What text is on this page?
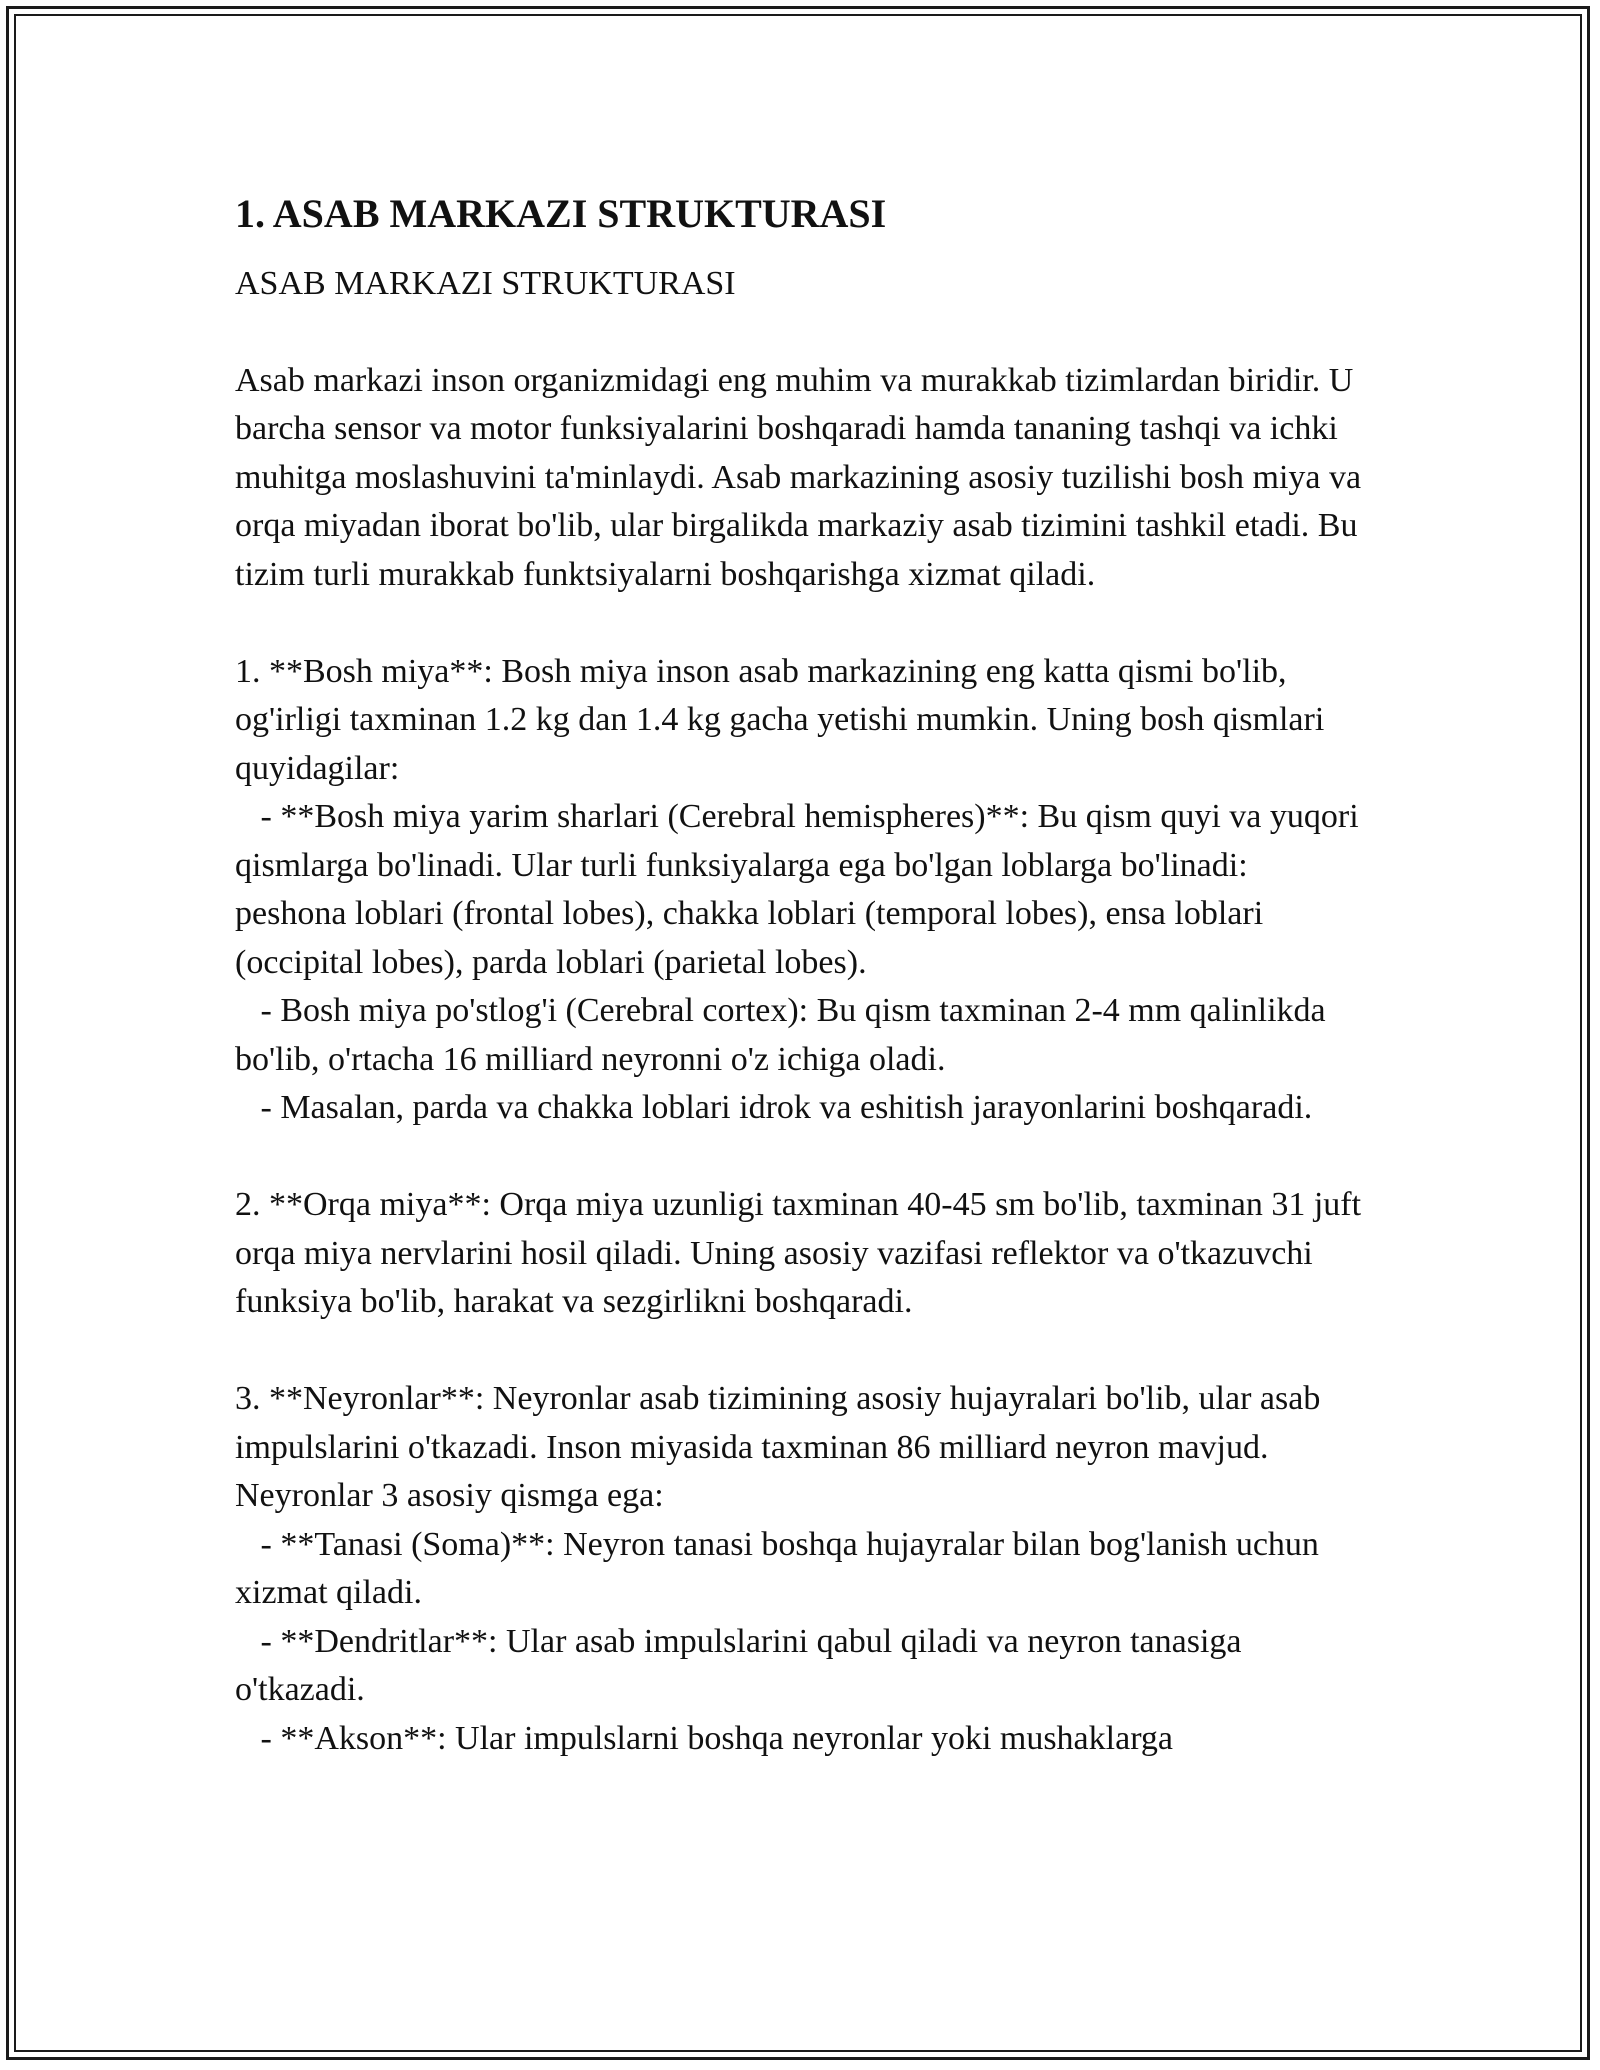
1. ASAB MARKAZI STRUKTURASI

ASAB MARKAZI STRUKTURASI

Asab markazi inson organizmidagi eng muhim va murakkab tizimlardan biridir. U barcha sensor va motor funksiyalarini boshqaradi hamda tananing tashqi va ichki muhitga moslashuvini ta'minlaydi. Asab markazining asosiy tuzilishi bosh miya va orqa miyadan iborat bo'lib, ular birgalikda markaziy asab tizimini tashkil etadi. Bu tizim turli murakkab funktsiyalarni boshqarishga xizmat qiladi.

1. **Bosh miya**: Bosh miya inson asab markazining eng katta qismi bo'lib, og'irligi taxminan 1.2 kg dan 1.4 kg gacha yetishi mumkin. Uning bosh qismlari quyidagilar:

- **Bosh miya yarim sharlari (Cerebral hemispheres)**: Bu qism quyi va yuqori qismlarga bo'linadi. Ular turli funksiyalarga ega bo'lgan loblarga bo'linadi: peshona loblari (frontal lobes), chakka loblari (temporal lobes), ensa loblari (occipital lobes), parda loblari (parietal lobes).

- Bosh miya po'stlog'i (Cerebral cortex): Bu qism taxminan 2-4 mm qalinlikda bo'lib, o'rtacha 16 milliard neyronni o'z ichiga oladi.

- Masalan, parda va chakka loblari idrok va eshitish jarayonlarini boshqaradi.

2. **Orqa miya**: Orqa miya uzunligi taxminan 40-45 sm bo'lib, taxminan 31 juft orqa miya nervlarini hosil qiladi. Uning asosiy vazifasi reflektor va o'tkazuvchi funksiya bo'lib, harakat va sezgirlikni boshqaradi.

3. **Neyronlar**: Neyronlar asab tizimining asosiy hujayralari bo'lib, ular asab impulslarini o'tkazadi. Inson miyasida taxminan 86 milliard neyron mavjud. Neyronlar 3 asosiy qismga ega:

- **Tanasi (Soma)**: Neyron tanasi boshqa hujayralar bilan bog'lanish uchun xizmat qiladi.

- **Dendritlar**: Ular asab impulslarini qabul qiladi va neyron tanasiga o'tkazadi.

- **Akson**: Ular impulslarni boshqa neyronlar yoki mushaklarga
